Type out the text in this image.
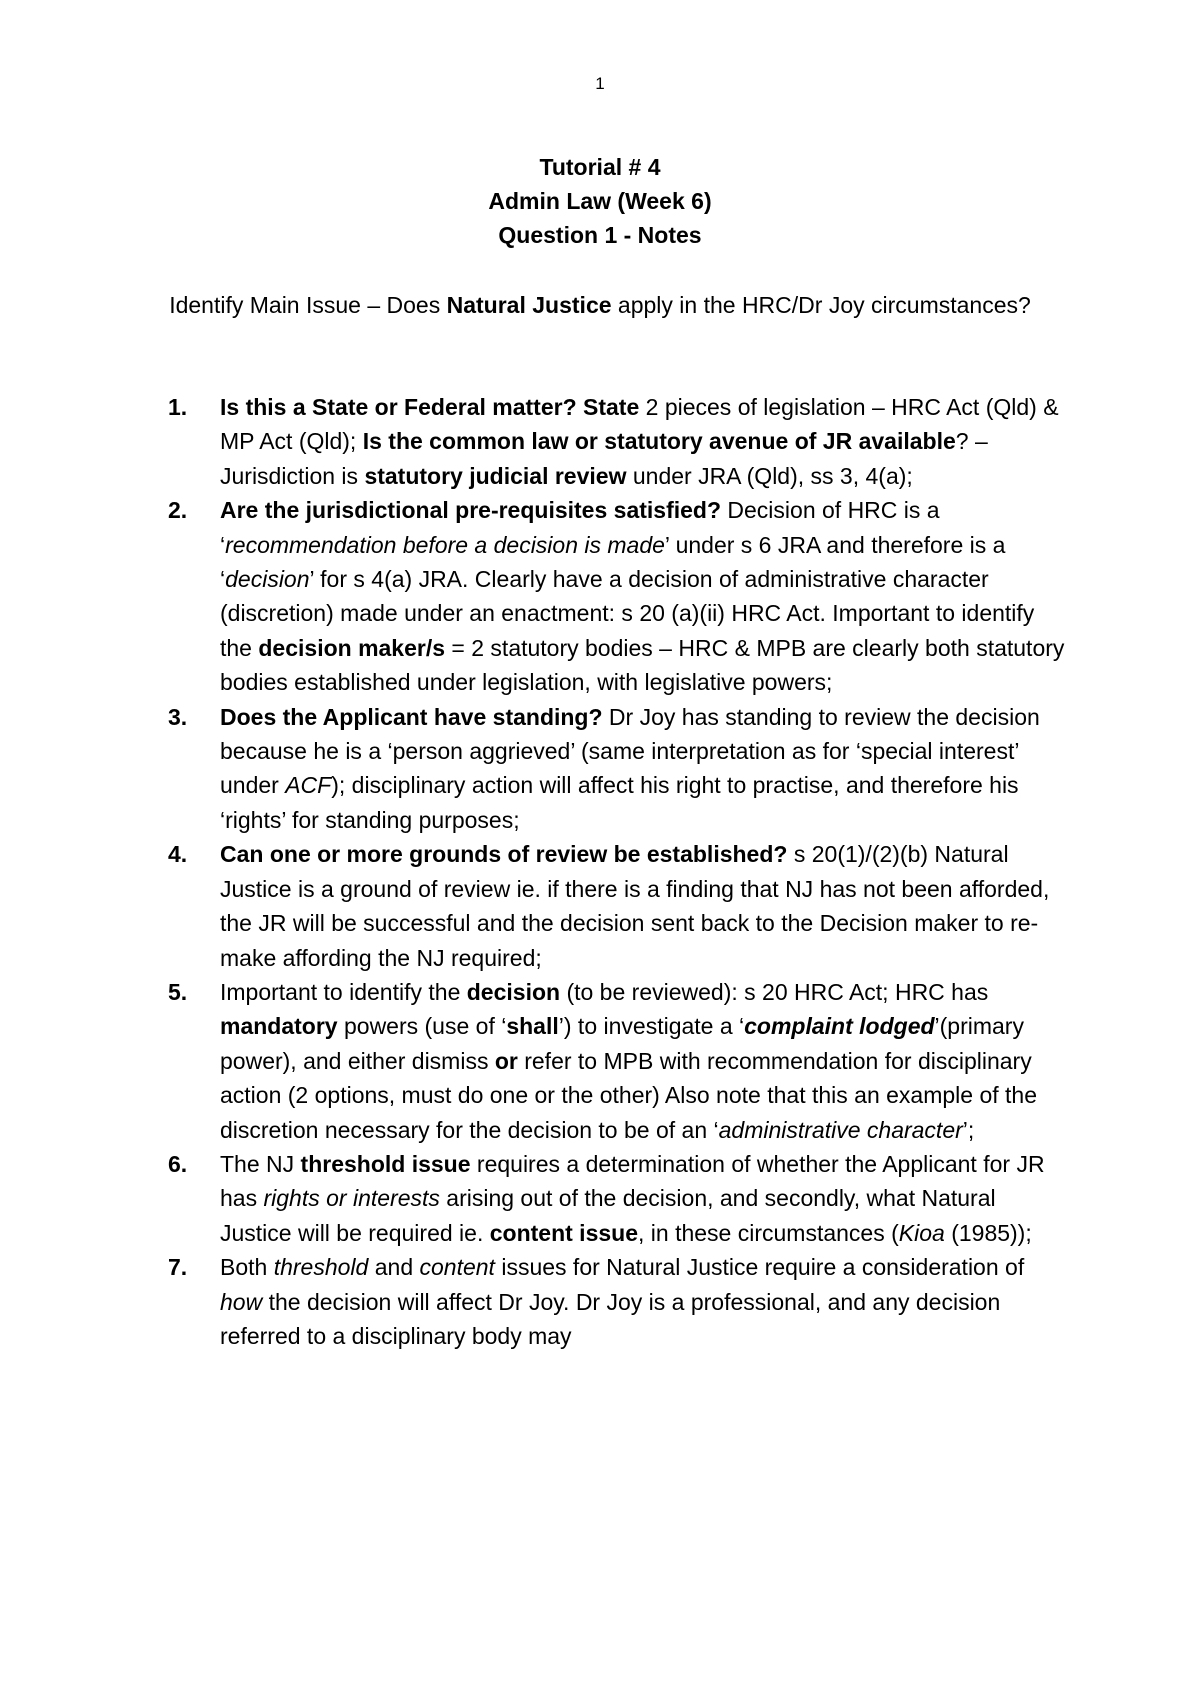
1
Tutorial # 4
Admin Law (Week 6)
Question 1 - Notes
Identify Main Issue – Does Natural Justice apply in the HRC/Dr Joy circumstances?
1. Is this a State or Federal matter? State 2 pieces of legislation – HRC Act (Qld) & MP Act (Qld); Is the common law or statutory avenue of JR available? – Jurisdiction is statutory judicial review under JRA (Qld), ss 3, 4(a);
2. Are the jurisdictional pre-requisites satisfied? Decision of HRC is a ‘recommendation before a decision is made’ under s 6 JRA and therefore is a ‘decision’ for s 4(a) JRA. Clearly have a decision of administrative character (discretion) made under an enactment: s 20 (a)(ii) HRC Act. Important to identify the decision maker/s = 2 statutory bodies – HRC & MPB are clearly both statutory bodies established under legislation, with legislative powers;
3. Does the Applicant have standing? Dr Joy has standing to review the decision because he is a ‘person aggrieved’ (same interpretation as for ‘special interest’ under ACF); disciplinary action will affect his right to practise, and therefore his ‘rights’ for standing purposes;
4. Can one or more grounds of review be established? s 20(1)/(2)(b) Natural Justice is a ground of review ie. if there is a finding that NJ has not been afforded, the JR will be successful and the decision sent back to the Decision maker to re-make affording the NJ required;
5. Important to identify the decision (to be reviewed): s 20 HRC Act; HRC has mandatory powers (use of ‘shall’) to investigate a ‘complaint lodged’(primary power), and either dismiss or refer to MPB with recommendation for disciplinary action (2 options, must do one or the other) Also note that this an example of the discretion necessary for the decision to be of an ‘administrative character’;
6. The NJ threshold issue requires a determination of whether the Applicant for JR has rights or interests arising out of the decision, and secondly, what Natural Justice will be required ie. content issue, in these circumstances (Kioa (1985));
7. Both threshold and content issues for Natural Justice require a consideration of how the decision will affect Dr Joy. Dr Joy is a professional, and any decision referred to a disciplinary body may
